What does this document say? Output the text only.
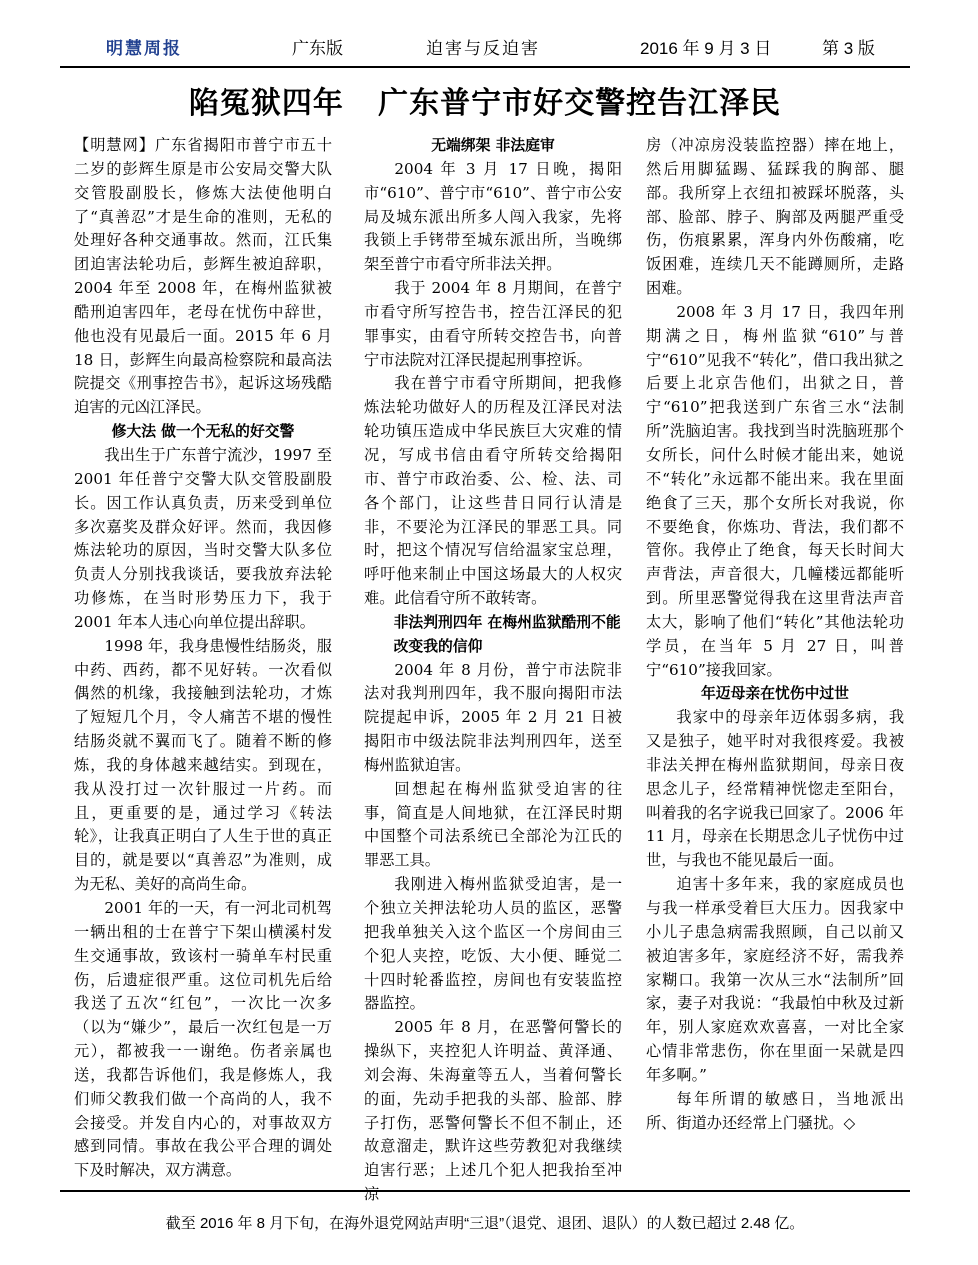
明慧周报	广东版	迫害与反迫害	2016 年 9 月 3 日	第 3 版
陷冤狱四年   广东普宁市好交警控告江泽民

【明慧网】广东省揭阳市普宁市五十二岁的彭辉生原是市公安局交警大队交管股副股长，修炼大法使他明白了“真善忍”才是生命的准则，无私的处理好各种交通事故。然而，江氏集团迫害法轮功后，彭辉生被迫辞职，2004 年至 2008 年，在梅州监狱被酷刑迫害四年，老母在忧伤中辞世，他也没有见最后一面。2015 年 6 月 18 日，彭辉生向最高检察院和最高法院提交《刑事控告书》，起诉这场残酷迫害的元凶江泽民。

修大法 做一个无私的好交警

我出生于广东普宁流沙，1997 至 2001 年任普宁交警大队交管股副股长。因工作认真负责，历来受到单位多次嘉奖及群众好评。然而，我因修炼法轮功的原因，当时交警大队多位负责人分别找我谈话，要我放弃法轮功修炼，在当时形势压力下，我于 2001 年本人违心向单位提出辞职。

1998 年，我身患慢性结肠炎，服中药、西药，都不见好转。一次看似偶然的机缘，我接触到法轮功，才炼了短短几个月，令人痛苦不堪的慢性结肠炎就不翼而飞了。随着不断的修炼，我的身体越来越结实。到现在，我从没打过一次针服过一片药。而且，更重要的是，通过学习《转法轮》，让我真正明白了人生于世的真正目的，就是要以“真善忍”为准则，成为无私、美好的高尚生命。

2001 年的一天，有一河北司机驾一辆出租的士在普宁下架山横溪村发生交通事故，致该村一骑单车村民重伤，后遗症很严重。这位司机先后给我送了五次“红包”，一次比一次多（以为“嫌少”，最后一次红包是一万元），都被我一一谢绝。伤者亲属也送，我都告诉他们，我是修炼人，我们师父教我们做一个高尚的人，我不会接受。并发自内心的，对事故双方感到同情。事故在我公平合理的调处下及时解决，双方满意。

无端绑架 非法庭审

2004 年 3 月 17 日晚，揭阳市“610”、普宁市“610”、普宁市公安局及城东派出所多人闯入我家，先将我锁上手铐带至城东派出所，当晚绑架至普宁市看守所非法关押。

我于 2004 年 8 月期间，在普宁市看守所写控告书，控告江泽民的犯罪事实，由看守所转交控告书，向普宁市法院对江泽民提起刑事控诉。

我在普宁市看守所期间，把我修炼法轮功做好人的历程及江泽民对法轮功镇压造成中华民族巨大灾难的情况，写成书信由看守所转交给揭阳市、普宁市政治委、公、检、法、司各个部门，让这些昔日同行认清是非，不要沦为江泽民的罪恶工具。同时，把这个情况写信给温家宝总理，呼吁他来制止中国这场最大的人权灾难。此信看守所不敢转寄。

非法判刑四年 在梅州监狱酷刑不能改变我的信仰

2004 年 8 月份，普宁市法院非法对我判刑四年，我不服向揭阳市法院提起申诉，2005 年 2 月 21 日被揭阳市中级法院非法判刑四年，送至梅州监狱迫害。

回想起在梅州监狱受迫害的往事，简直是人间地狱，在江泽民时期中国整个司法系统已全部沦为江氏的罪恶工具。

我刚进入梅州监狱受迫害，是一个独立关押法轮功人员的监区，恶警把我单独关入这个监区一个房间由三个犯人夹控，吃饭、大小便、睡觉二十四时轮番监控，房间也有安装监控器监控。

2005 年 8 月，在恶警何警长的操纵下，夹控犯人许明益、黄泽通、刘会海、朱海童等五人，当着何警长的面，先动手把我的头部、脸部、脖子打伤，恶警何警长不但不制止，还故意溜走，默许这些劳教犯对我继续迫害行恶；上述几个犯人把我抬至冲凉

房（冲凉房没装监控器）摔在地上，然后用脚猛踢、猛踩我的胸部、腿部。我所穿上衣纽扣被踩坏脱落，头部、脸部、脖子、胸部及两腿严重受伤，伤痕累累，浑身内外伤酸痛，吃饭困难，连续几天不能蹲厕所，走路困难。

2008 年 3 月 17 日，我四年刑期满之日，梅州监狱“610”与普宁“610”见我不“转化”，借口我出狱之后要上北京告他们，出狱之日，普宁“610”把我送到广东省三水“法制所”洗脑迫害。我找到当时洗脑班那个女所长，问什么时候才能出来，她说不“转化”永远都不能出来。我在里面绝食了三天，那个女所长对我说，你不要绝食，你炼功、背法，我们都不管你。我停止了绝食，每天长时间大声背法，声音很大，几幢楼远都能听到。所里恶警觉得我在这里背法声音太大，影响了他们“转化”其他法轮功学员，在当年 5 月 27 日，叫普宁“610”接我回家。

年迈母亲在忧伤中过世

我家中的母亲年迈体弱多病，我又是独子，她平时对我很疼爱。我被非法关押在梅州监狱期间，母亲日夜思念儿子，经常精神恍惚走至阳台，叫着我的名字说我已回家了。2006 年 11 月，母亲在长期思念儿子忧伤中过世，与我也不能见最后一面。

迫害十多年来，我的家庭成员也与我一样承受着巨大压力。因我家中小儿子患急病需我照顾，自己以前又被迫害多年，家庭经济不好，需我养家糊口。我第一次从三水“法制所”回家，妻子对我说：“我最怕中秋及过新年，别人家庭欢欢喜喜，一对比全家心情非常悲伤，你在里面一呆就是四年多啊。”

每年所谓的敏感日，当地派出所、街道办还经常上门骚扰。◇

截至 2016 年 8 月下旬，在海外退党网站声明“三退”（退党、退团、退队）的人数已超过 2.48 亿。
